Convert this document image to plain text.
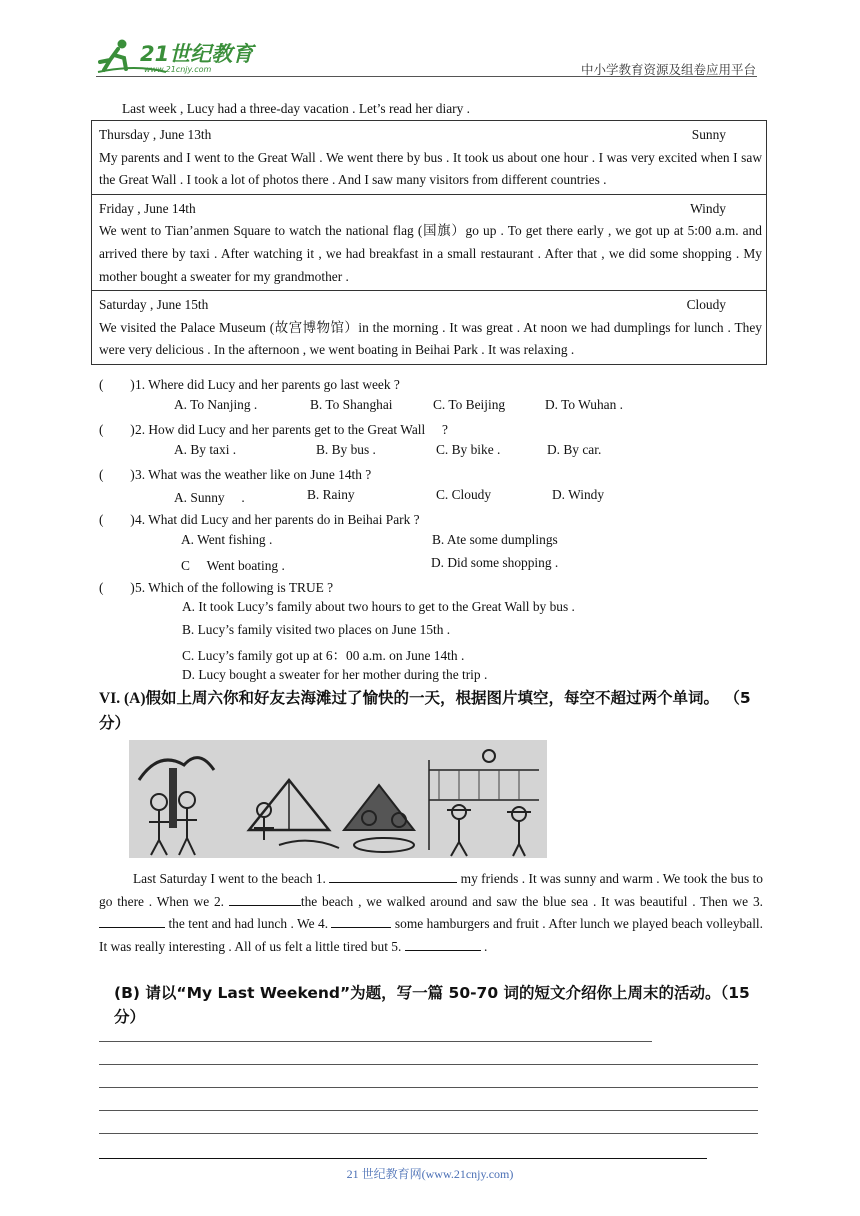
21世纪教育
www.21cnjy.com	中小学教育资源及组卷应用平台
Last week , Lucy had a three-day vacation . Let’s read her diary .
Thursday , June 13th	Sunny
My parents and I went to the Great Wall . We went there by bus . It took us about one hour . I was very excited when I saw the Great Wall . I took a lot of photos there . And I saw many visitors from different countries .
Friday , June 14th	Windy
We went to Tian’anmen Square to watch the national flag (国旗）go up . To get there early , we got up at 5:00 a.m. and arrived there by taxi . After watching it , we had breakfast in a small restaurant . After that , we did some shopping . My mother bought a sweater for my grandmother .
Saturday , June 15th	Cloudy
We visited the Palace Museum (故宫博物馆）in the morning . It was great . At noon we had dumplings for lunch . They were very delicious . In the afternoon , we went boating in Beihai Park . It was relaxing .
(　　)1. Where did Lucy and her parents go last week ?
A. To Nanjing .	B. To Shanghai	C. To Beijing	D. To Wuhan .
(　　)2. How did Lucy and her parents get to the Great Wall 　?
A. By taxi .	B. By bus .	C. By bike .	D. By car.
(　　)3. What was the weather like on June 14th ?
A. Sunny 　.	B. Rainy	C. Cloudy	D. Windy
(　　)4. What did Lucy and her parents do in Beihai Park ?
A. Went fishing .	B. Ate some dumplings
C 　Went boating .	D. Did some shopping .
(　　)5. Which of the following is TRUE ?
A. It took Lucy’s family about two hours to get to the Great Wall by bus .
B. Lucy’s family visited two places on June 15th .
C. Lucy’s family got up at 6：00 a.m. on June 14th .
D. Lucy bought a sweater for her mother during the trip .
VI. (A)假如上周六你和好友去海滩过了愉快的一天，根据图片填空，每空不超过两个单词。 （5 分）
Last Saturday I went to the beach 1.	my friends . It was sunny and warm . We took the bus to go there . When we 2.	the beach , we walked around and saw the blue sea . It was beautiful . Then we 3.  the tent and had lunch . We 4.	some hamburgers and fruit . After lunch we played beach volleyball. It was really interesting . All of us felt a little tired but 5.	.
(B) 请以“My Last Weekend”为题，写一篇 50-70 词的短文介绍你上周末的活动。（15 分）
21 世纪教育网(www.21cnjy.com)
